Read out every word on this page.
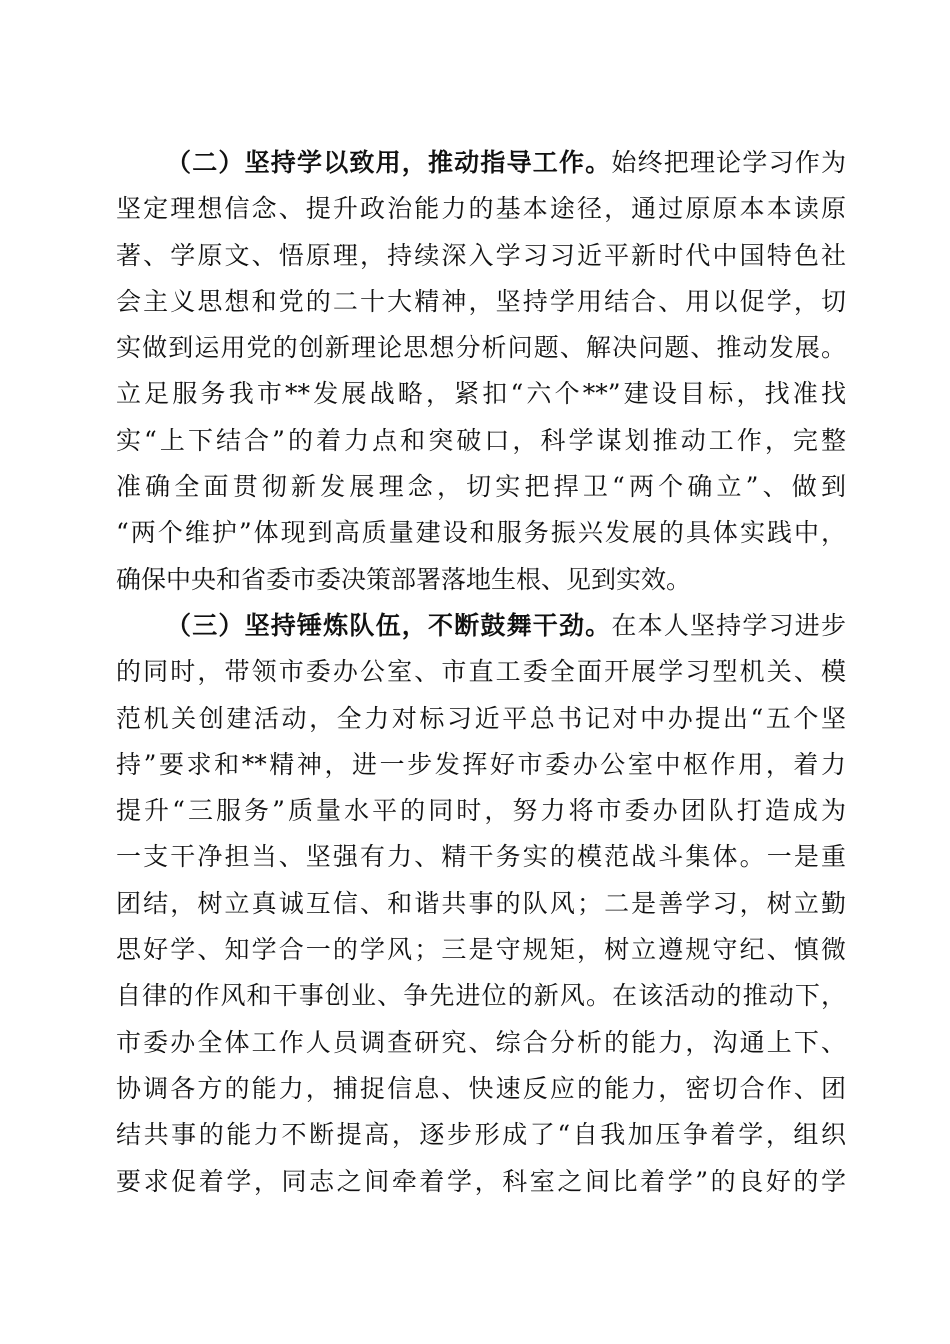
（二）坚持学以致用，推动指导工作。始终把理论学习作为
坚定理想信念、提升政治能力的基本途径，通过原原本本读原
著、学原文、悟原理，持续深入学习习近平新时代中国特色社
会主义思想和党的二十大精神，坚持学用结合、用以促学，切
实做到运用党的创新理论思想分析问题、解决问题、推动发展。
立足服务我市**发展战略，紧扣“六个**”建设目标，找准找
实“上下结合”的着力点和突破口，科学谋划推动工作，完整
准确全面贯彻新发展理念，切实把捍卫“两个确立”、做到
“两个维护”体现到高质量建设和服务振兴发展的具体实践中，
确保中央和省委市委决策部署落地生根、见到实效。
（三）坚持锤炼队伍，不断鼓舞干劲。在本人坚持学习进步
的同时，带领市委办公室、市直工委全面开展学习型机关、模
范机关创建活动，全力对标习近平总书记对中办提出“五个坚
持”要求和**精神，进一步发挥好市委办公室中枢作用，着力
提升“三服务”质量水平的同时，努力将市委办团队打造成为
一支干净担当、坚强有力、精干务实的模范战斗集体。一是重
团结，树立真诚互信、和谐共事的队风；二是善学习，树立勤
思好学、知学合一的学风；三是守规矩，树立遵规守纪、慎微
自律的作风和干事创业、争先进位的新风。在该活动的推动下，
市委办全体工作人员调查研究、综合分析的能力，沟通上下、
协调各方的能力，捕捉信息、快速反应的能力，密切合作、团
结共事的能力不断提高，逐步形成了“自我加压争着学，组织
要求促着学，同志之间牵着学，科室之间比着学”的良好的学
